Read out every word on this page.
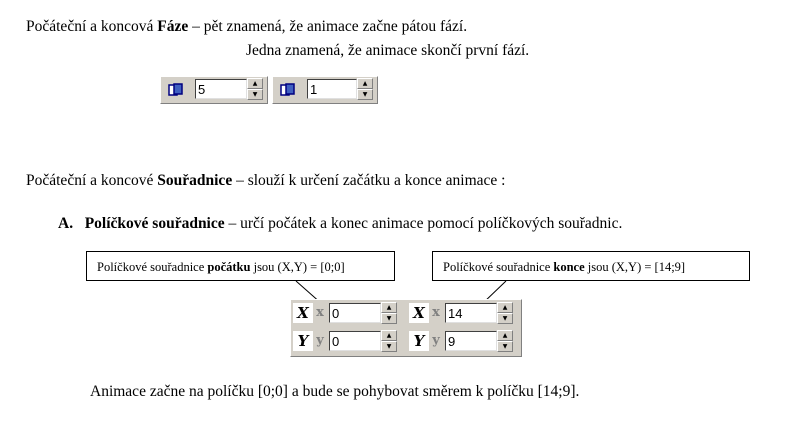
Počáteční a koncová Fáze – pět znamená, že animace začne pátou fází.
Jedna znamená, že animace skončí první fází.
5	▲
▼	1	▲
▼
Počáteční a koncové Souřadnice – slouží k určení začátku a konce animace :
A. Políčkové souřadnice – určí počátek a konec animace pomocí políčkových souřadnic.
Políčkové souřadnice počátku jsou (X,Y) = [0;0]	Políčkové souřadnice konce jsou (X,Y) = [14;9]
X x 0	▲
▼
Y y 0	▲
▼
X x 14	▲
▼
Y y 9	▲
▼
Animace začne na políčku [0;0] a bude se pohybovat směrem k políčku [14;9].
